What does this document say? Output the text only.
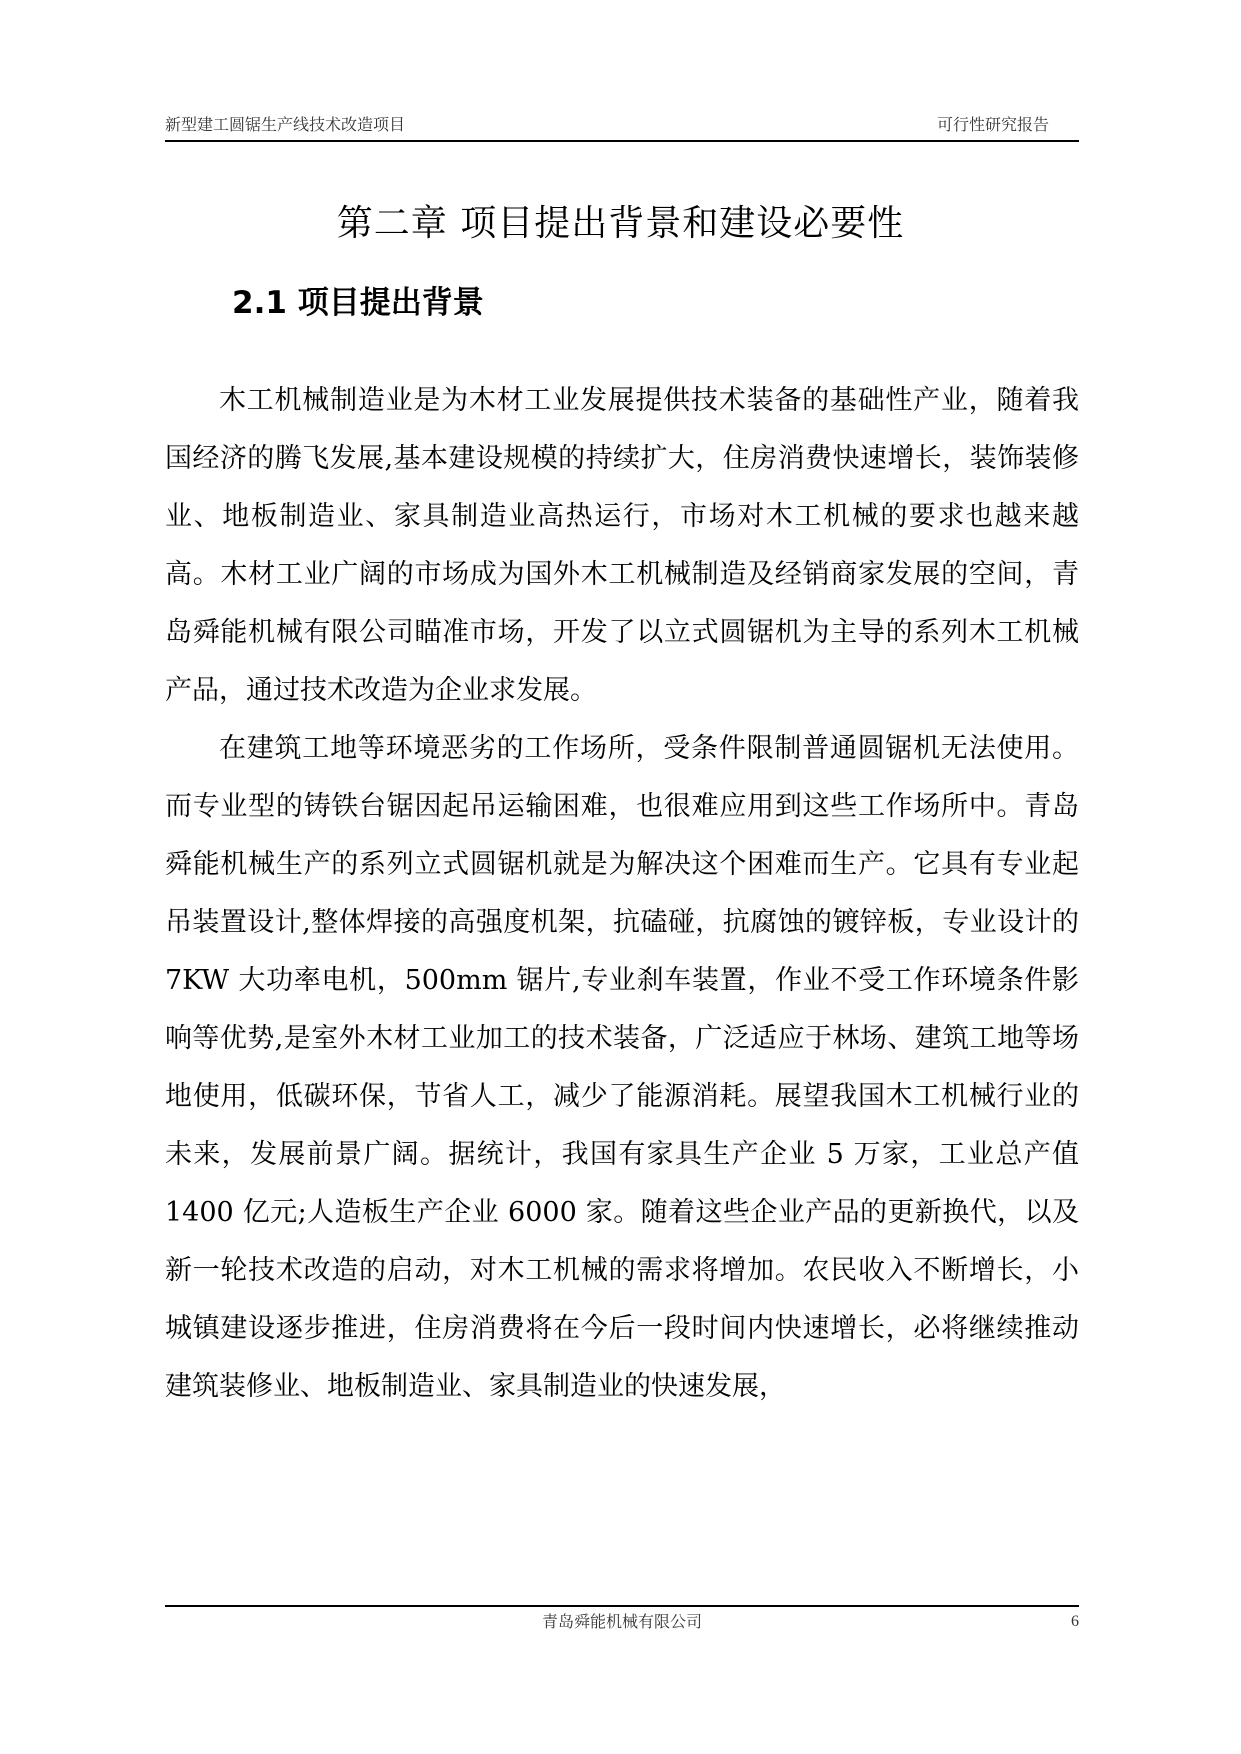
新型建工圆锯生产线技术改造项目	可行性研究报告
第二章 项目提出背景和建设必要性
2.1 项目提出背景

木工机械制造业是为木材工业发展提供技术装备的基础性产业，随着我国经济的腾飞发展,基本建设规模的持续扩大，住房消费快速增长，装饰装修业、地板制造业、家具制造业高热运行，市场对木工机械的要求也越来越高。木材工业广阔的市场成为国外木工机械制造及经销商家发展的空间，青岛舜能机械有限公司瞄准市场，开发了以立式圆锯机为主导的系列木工机械产品，通过技术改造为企业求发展。

在建筑工地等环境恶劣的工作场所，受条件限制普通圆锯机无法使用。而专业型的铸铁台锯因起吊运输困难，也很难应用到这些工作场所中。青岛舜能机械生产的系列立式圆锯机就是为解决这个困难而生产。它具有专业起吊装置设计,整体焊接的高强度机架，抗磕碰，抗腐蚀的镀锌板，专业设计的 7KW 大功率电机，500mm 锯片,专业刹车装置，作业不受工作环境条件影响等优势,是室外木材工业加工的技术装备，广泛适应于林场、建筑工地等场地使用，低碳环保，节省人工，减少了能源消耗。展望我国木工机械行业的未来，发展前景广阔。据统计，我国有家具生产企业 5 万家，工业总产值 1400 亿元;人造板生产企业 6000 家。随着这些企业产品的更新换代，以及新一轮技术改造的启动，对木工机械的需求将增加。农民收入不断增长，小城镇建设逐步推进，住房消费将在今后一段时间内快速增长，必将继续推动建筑装修业、地板制造业、家具制造业的快速发展，

青岛舜能机械有限公司	6
